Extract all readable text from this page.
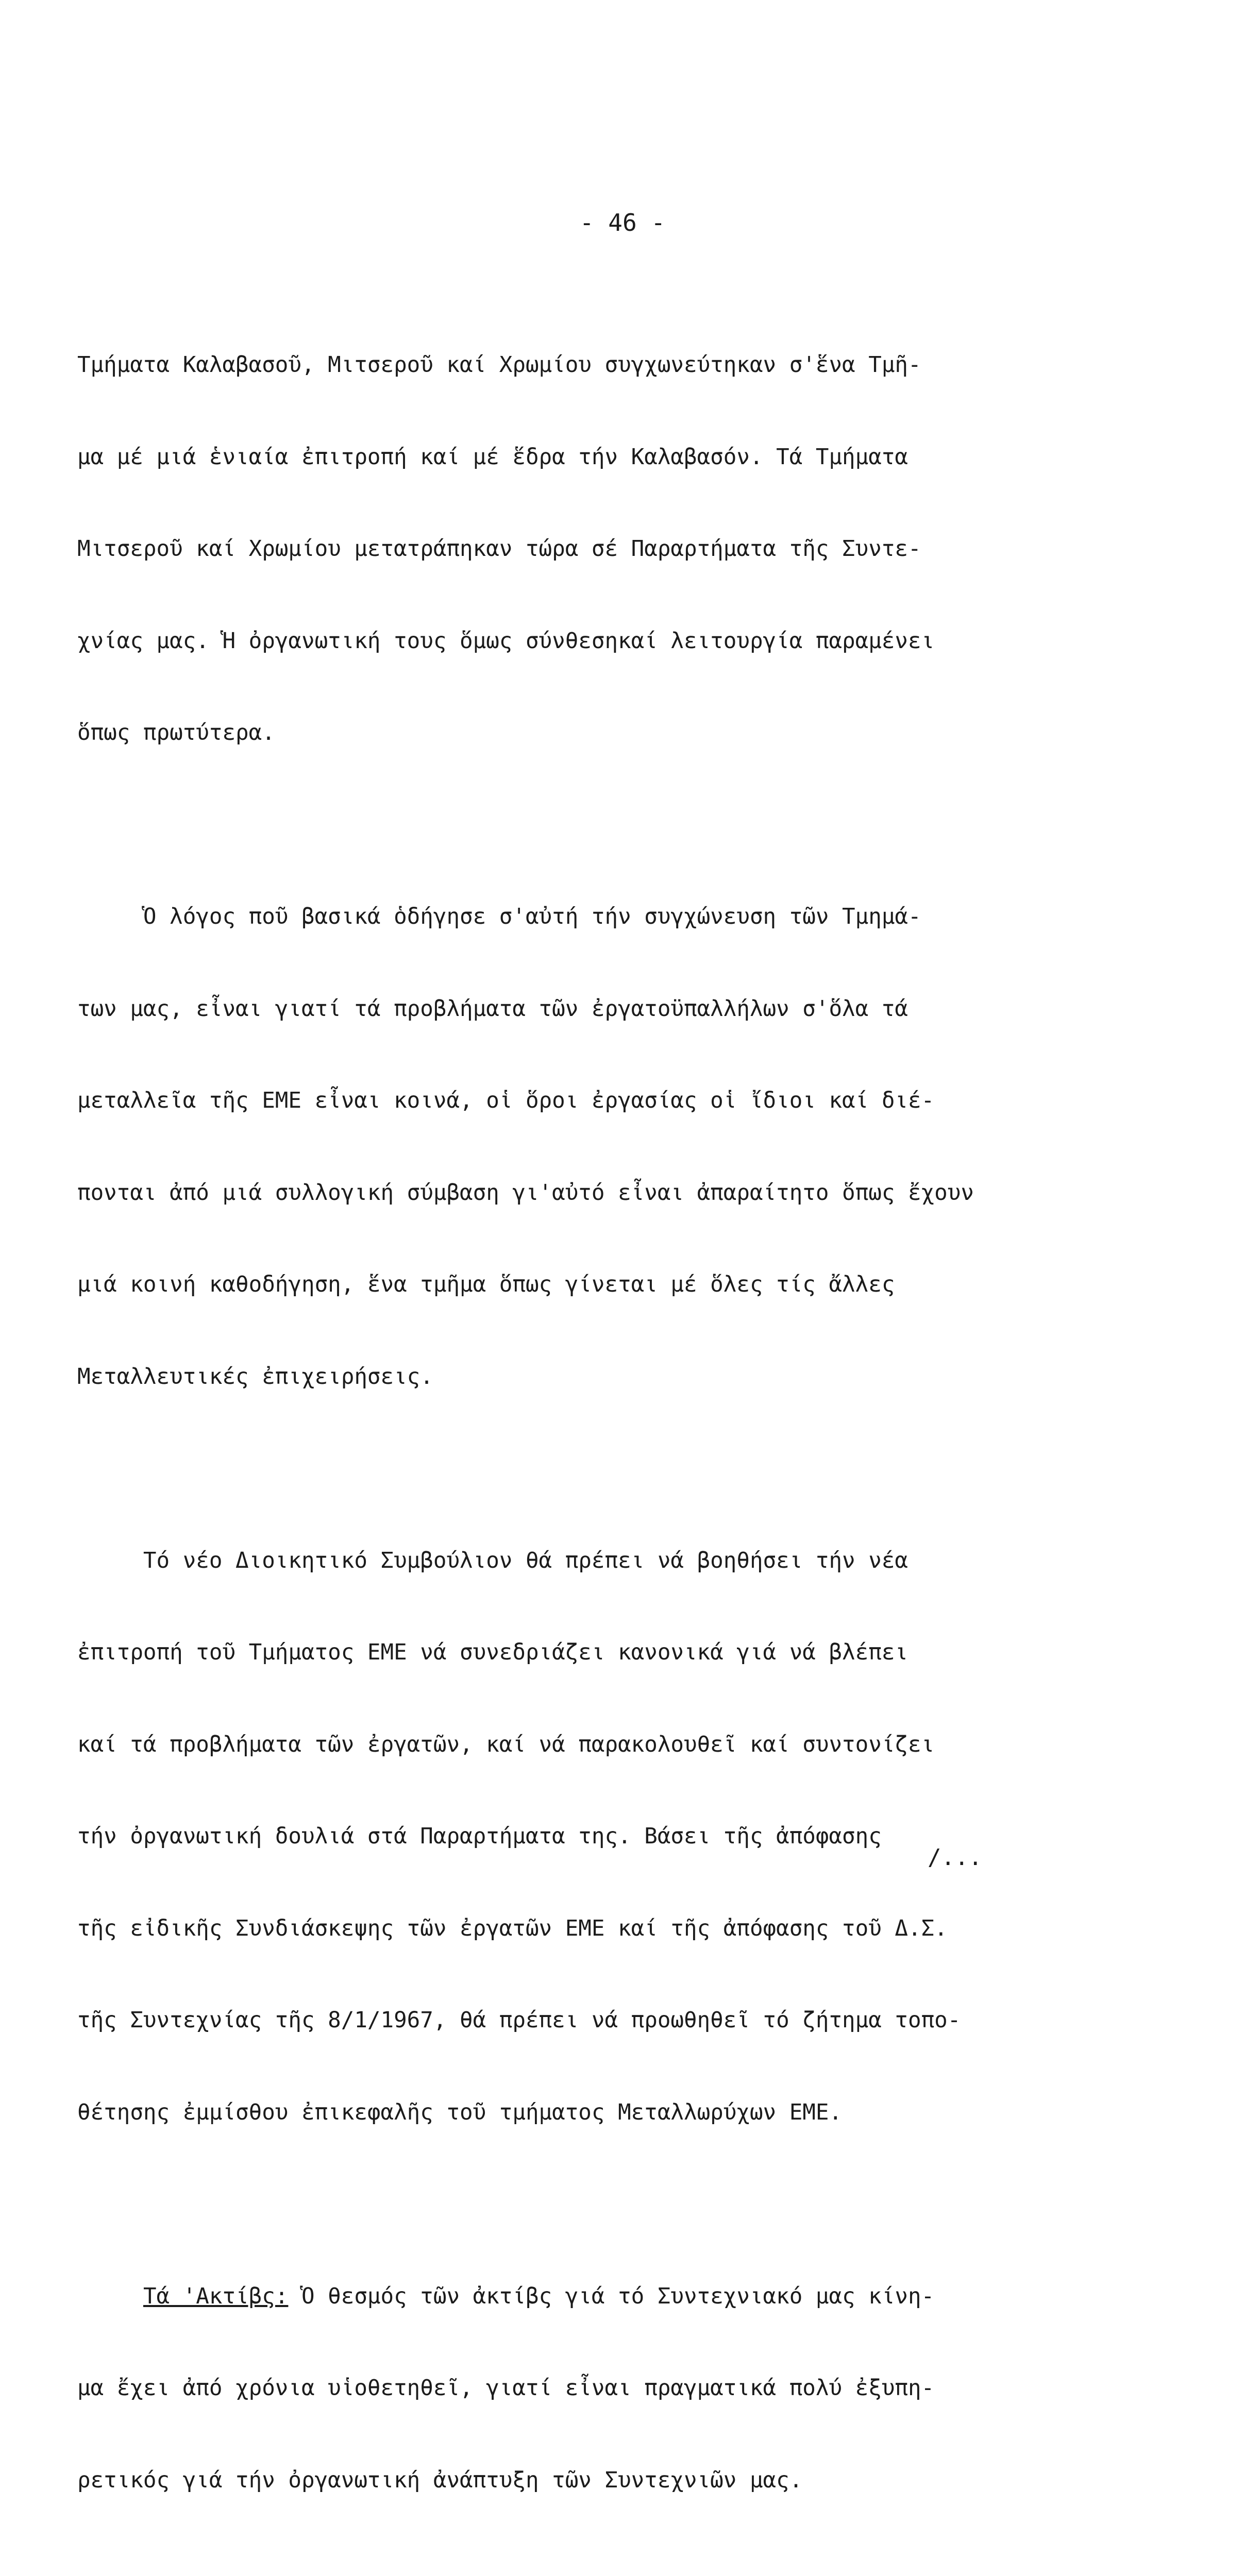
- 46 -

Τμήματα Καλαβασοῦ, Μιτσεροῦ καί Χρωμίου συγχωνεύτηκαν σ'ἕνα Τμῆ-

μα μέ μιά ἑνιαία ἐπιτροπή καί μέ ἕδρα τήν Καλαβασόν. Τά Τμήματα

Μιτσεροῦ καί Χρωμίου μετατράπηκαν τώρα σέ Παραρτήματα τῆς Συντε-

χνίας μας. Ἡ ὀργανωτική τους ὅμως σύνθεσηκαί λειτουργία παραμένει

ὅπως πρωτύτερα.

Ὁ λόγος ποῦ βασικά ὁδήγησε σ'αὐτή τήν συγχώνευση τῶν Τμημά-

των μας, εἶναι γιατί τά προβλήματα τῶν ἐργατοϋπαλλήλων σ'ὅλα τά

μεταλλεῖα τῆς ΕΜΕ εἶναι κοινά, οἱ ὅροι ἐργασίας οἱ ἴδιοι καί διέ-

πονται ἀπό μιά συλλογική σύμβαση γι'αὐτό εἶναι ἀπαραίτητο ὅπως ἔχουν

μιά κοινή καθοδήγηση, ἕνα τμῆμα ὅπως γίνεται μέ ὅλες τίς ἄλλες

Μεταλλευτικές ἐπιχειρήσεις.

Τό νέο Διοικητικό Συμβούλιον θά πρέπει νά βοηθήσει τήν νέα

ἐπιτροπή τοῦ Τμήματος ΕΜΕ νά συνεδριάζει κανονικά γιά νά βλέπει

καί τά προβλήματα τῶν ἐργατῶν, καί νά παρακολουθεῖ καί συντονίζει

τήν ὀργανωτική δουλιά στά Παραρτήματα της. Βάσει τῆς ἀπόφασης

τῆς εἰδικῆς Συνδιάσκεψης τῶν ἐργατῶν ΕΜΕ καί τῆς ἀπόφασης τοῦ Δ.Σ.

τῆς Συντεχνίας τῆς 8/1/1967, θά πρέπει νά προωθηθεῖ τό ζήτημα τοπο-

θέτησης ἐμμίσθου ἐπικεφαλῆς τοῦ τμήματος Μεταλλωρύχων ΕΜΕ.

Τά 'Ακτίβς: Ὁ θεσμός τῶν ἀκτίβς γιά τό Συντεχνιακό μας κίνη-

μα ἔχει ἀπό χρόνια υἱοθετηθεῖ, γιατί εἶναι πραγματικά πολύ ἐξυπη-

ρετικός γιά τήν ὀργανωτική ἀνάπτυξη τῶν Συντεχνιῶν μας.

/...
